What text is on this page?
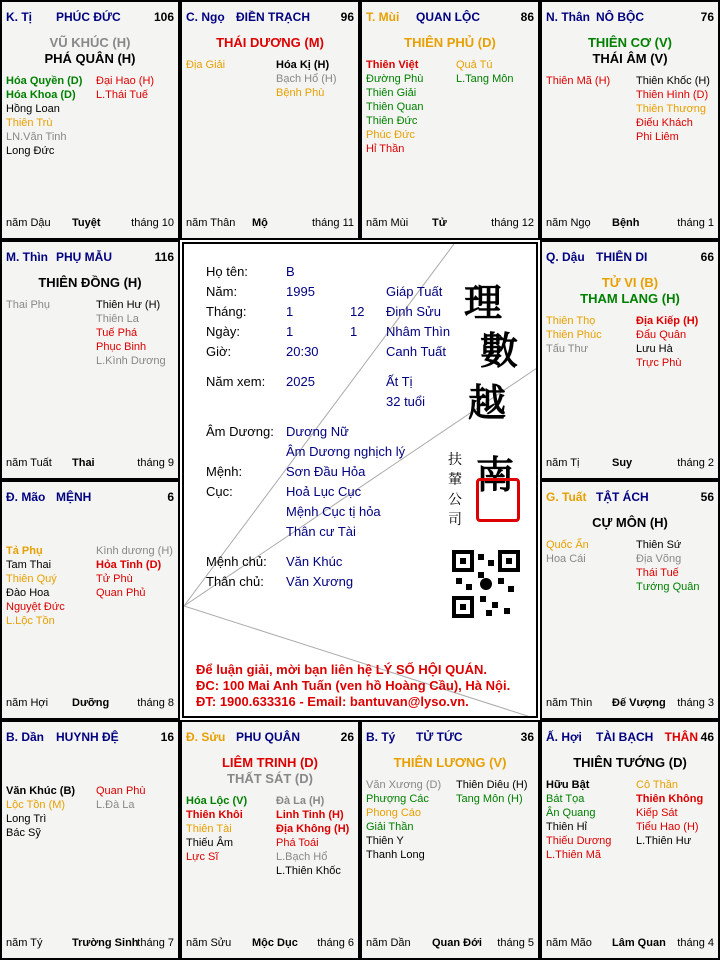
Họ tên:	B
Năm:	1995	Giáp Tuất
Tháng:	1	12 Đinh Sửu
Ngày:	1	1 Nhâm Thìn
Giờ:	20:30	Canh Tuất
Năm xem: 2025	Ất Tị
32 tuổi
Âm Dương: Dương Nữ
Âm Dương nghịch lý
Mệnh:	Sơn Đầu Hỏa
Cục:	Hoả Lục Cục
Mệnh Cục tị hỏa
Thân cư Tài
Mệnh chủ: Văn Khúc
Thân chủ: Văn Xương
理
數
越
南
扶 輦 公 司
Để luận giải, mời bạn liên hệ LÝ SỐ HỘI QUÁN.
ĐC: 100 Mai Anh Tuấn (ven hồ Hoàng Cầu), Hà Nội.
ĐT: 1900.633316 - Email: bantuvan@lyso.vn.
K. Tị PHÚC ĐỨC	106
VŨ KHÚC (H)
PHÁ QUÂN (H)
Hóa Quyền (D)
Hóa Khoa (D)
Hồng Loan
Thiên Trù
LN.Văn Tinh
Long Đức
Đại Hao (H)
L.Thái Tuế
năm Dậu Tuyệt	tháng 10
C. Ngọ ĐIỀN TRẠCH	96
THÁI DƯƠNG (M)
Địa Giải	Hóa Kị (H)
Bạch Hổ (H)
Bệnh Phù
năm Thân Mộ	tháng 11
T. Mùi QUAN LỘC	86
THIÊN PHỦ (D)
Thiên Việt
Đường Phù
Thiên Giải
Thiên Quan
Thiên Đức
Phúc Đức
Hỉ Thần
Quả Tú
L.Tang Môn
năm Mùi Tử	tháng 12
N. Thân NÔ BỘC	76
THIÊN CƠ (V)
THÁI ÂM (V)
Thiên Mã (H) Thiên Khốc (H)
Thiên Hình (D)
Thiên Thương
Điếu Khách
Phi Liêm
năm Ngọ Bệnh	tháng 1
M. Thìn PHỤ MẪU	116
THIÊN ĐỒNG (H)
Thai Phụ	Thiên Hư (H)
Thiên La
Tuế Phá
Phục Binh
L.Kình Dương
năm Tuất Thai	tháng 9
Q. Dậu THIÊN DI	66
TỬ VI (B)
THAM LANG (H)
Thiên Thọ
Thiên Phúc
Tấu Thư
Địa Kiếp (H)
Đẩu Quân
Lưu Hà
Trực Phù
năm Tị	Suy	tháng 2
Đ. Mão MỆNH	6
Tả Phụ
Tam Thai
Thiên Quý
Đào Hoa
Nguyệt Đức
L.Lộc Tồn
Kình dương (H)
Hỏa Tinh (D)
Tử Phù
Quan Phủ
năm Hợi Dưỡng	tháng 8
G. Tuất TẬT ÁCH	56
CỰ MÔN (H)
Quốc Ấn
Hoa Cái
Thiên Sứ
Địa Võng
Thái Tuế
Tướng Quân
năm Thìn Đế Vượng tháng 3
B. Dần HUYNH ĐỆ	16
Văn Khúc (B)
Lộc Tồn (M)
Long Trì
Bác Sỹ
Quan Phù
L.Đà La
năm Tý	Trường Sinh
tháng 7
Đ. Sửu PHU QUÂN	26
LIÊM TRINH (D)
THẤT SÁT (D)
Hóa Lộc (V)
Thiên Khôi
Thiên Tài
Thiếu Âm
Lực Sĩ
Đà La (H)
Linh Tinh (H)
Địa Không (H)
Phá Toái
L.Bạch Hổ
L.Thiên Khốc
năm Sửu Mộc Dục tháng 6
B. Tý TỬ TỨC	36
THIÊN LƯƠNG (V)
Văn Xương (D)
Phượng Các
Phong Cáo
Giải Thần
Thiên Y
Thanh Long
Thiên Diêu (H)
Tang Môn (H)
năm Dần Quan Đới tháng 5
Ấ. Hợi TÀI BẠCH THÂN 46
THIÊN TƯỚNG (D)
Hữu Bật
Bát Tọa
Ân Quang
Thiên Hỉ
Thiếu Dương
L.Thiên Mã
Cô Thần
Thiên Không
Kiếp Sát
Tiểu Hao (H)
L.Thiên Hư
năm Mão Lâm Quan tháng 4
